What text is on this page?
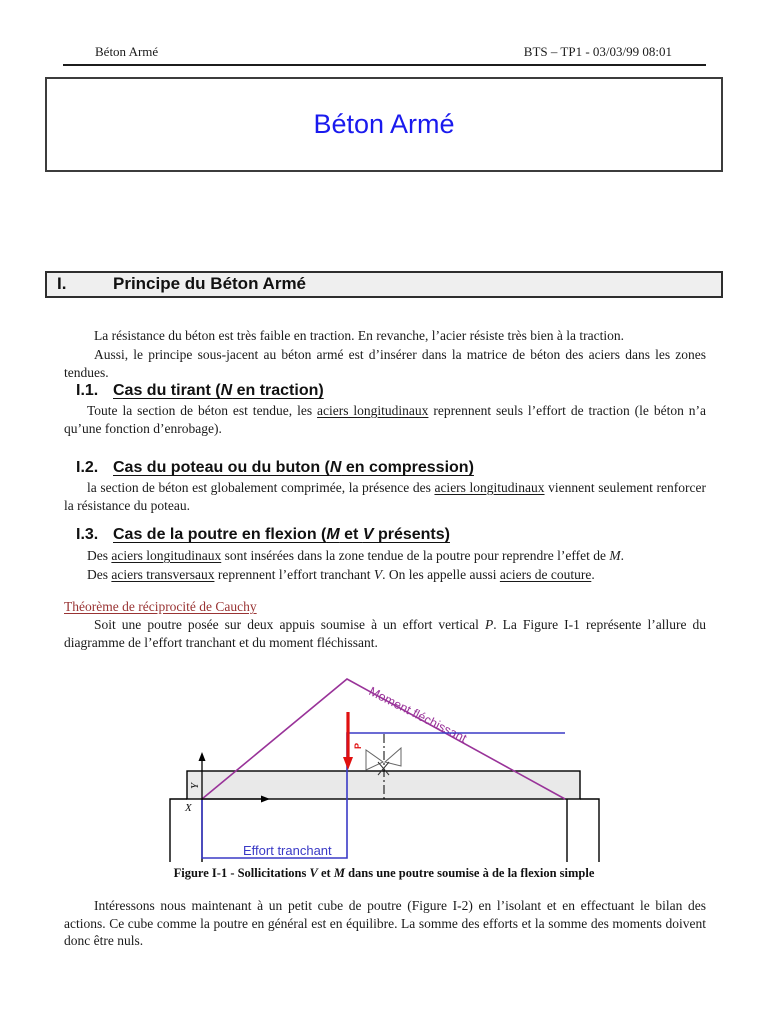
Béton Armé	BTS – TP1 - 03/03/99 08:01
Béton Armé
I.	Principe du Béton Armé
La résistance du béton est très faible en traction. En revanche, l’acier résiste très bien à la traction.
Aussi, le principe sous-jacent au béton armé est d’insérer dans la matrice de béton des aciers dans les zones tendues.
I.1. Cas du tirant (N en traction)
Toute la section de béton est tendue, les aciers longitudinaux reprennent seuls l’effort de traction (le béton n’a qu’une fonction d’enrobage).
I.2. Cas du poteau ou du buton (N en compression)
la section de béton est globalement comprimée, la présence des aciers longitudinaux viennent seulement renforcer la résistance du poteau.
I.3. Cas de la poutre en flexion (M et V présents)
Des aciers longitudinaux sont insérées dans la zone tendue de la poutre pour reprendre l’effet de M.
Des aciers transversaux reprennent l’effort tranchant V. On les appelle aussi aciers de couture.
Théorème de réciprocité de Cauchy
Soit une poutre posée sur deux appuis soumise à un effort vertical P. La Figure I-1 représente l’allure du diagramme de l’effort tranchant et du moment fléchissant.
Moment fléchissant
Effort tranchant
P
Y
X
Figure I-1 - Sollicitations V et M dans une poutre soumise à de la flexion simple
Intéressons nous maintenant à un petit cube de poutre (Figure I-2) en l’isolant et en effectuant le bilan des actions. Ce cube comme la poutre en général est en équilibre. La somme des efforts et la somme des moments doivent donc être nuls.
